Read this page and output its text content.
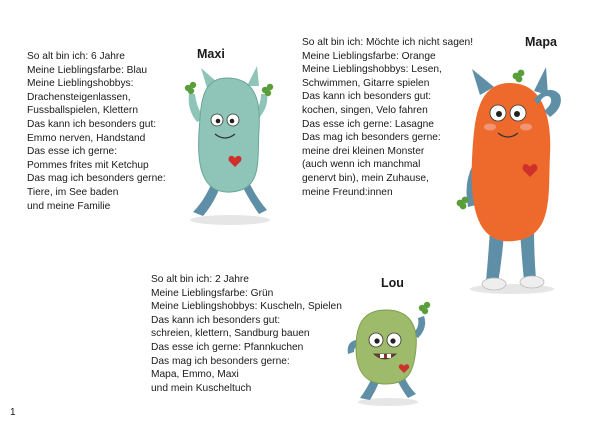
Maxi
So alt bin ich: 6 Jahre
Meine Lieblingsfarbe: Blau
Meine Lieblingshobbys:
Drachensteigenlassen,
Fussballspielen, Klettern
Das kann ich besonders gut:
Emmo nerven, Handstand
Das esse ich gerne:
Pommes frites mit Ketchup
Das mag ich besonders gerne:
Tiere, im See baden
und meine Familie
Mapa
So alt bin ich: Möchte ich nicht sagen!
Meine Lieblingsfarbe: Orange
Meine Lieblingshobbys: Lesen,
Schwimmen, Gitarre spielen
Das kann ich besonders gut:
kochen, singen, Velo fahren
Das esse ich gerne: Lasagne
Das mag ich besonders gerne:
meine drei kleinen Monster
(auch wenn ich manchmal
genervt bin), mein Zuhause,
meine Freund:innen
Lou
So alt bin ich: 2 Jahre
Meine Lieblingsfarbe: Grün
Meine Lieblingshobbys: Kuscheln, Spielen
Das kann ich besonders gut:
schreien, klettern, Sandburg bauen
Das esse ich gerne: Pfannkuchen
Das mag ich besonders gerne:
Mapa, Emmo, Maxi
und mein Kuscheltuch
1
